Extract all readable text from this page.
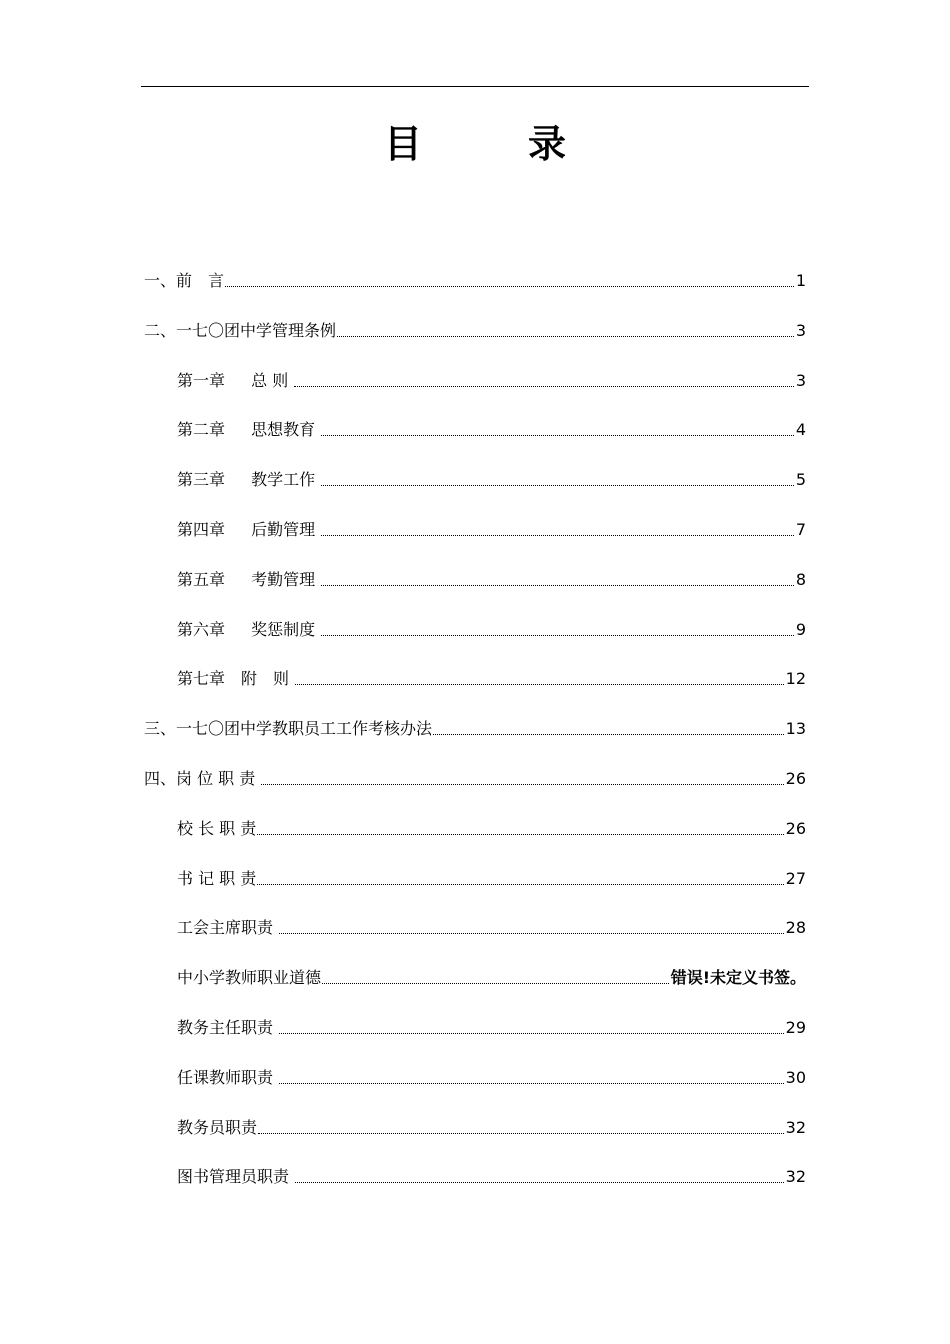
目　录
一、前　言	1
二、一七〇团中学管理条例	3
第一章　  总 则	3
第二章　  思想教育	4
第三章　  教学工作	5
第四章　  后勤管理	7
第五章　  考勤管理	8
第六章　  奖惩制度	9
第七章　附　则	12
三、一七〇团中学教职员工工作考核办法	13
四、岗 位 职 责	26
校 长 职 责	26
书 记 职 责	27
工会主席职责	28
中小学教师职业道德	错误!未定义书签。
教务主任职责	29
任课教师职责	30
教务员职责	32
图书管理员职责	32
